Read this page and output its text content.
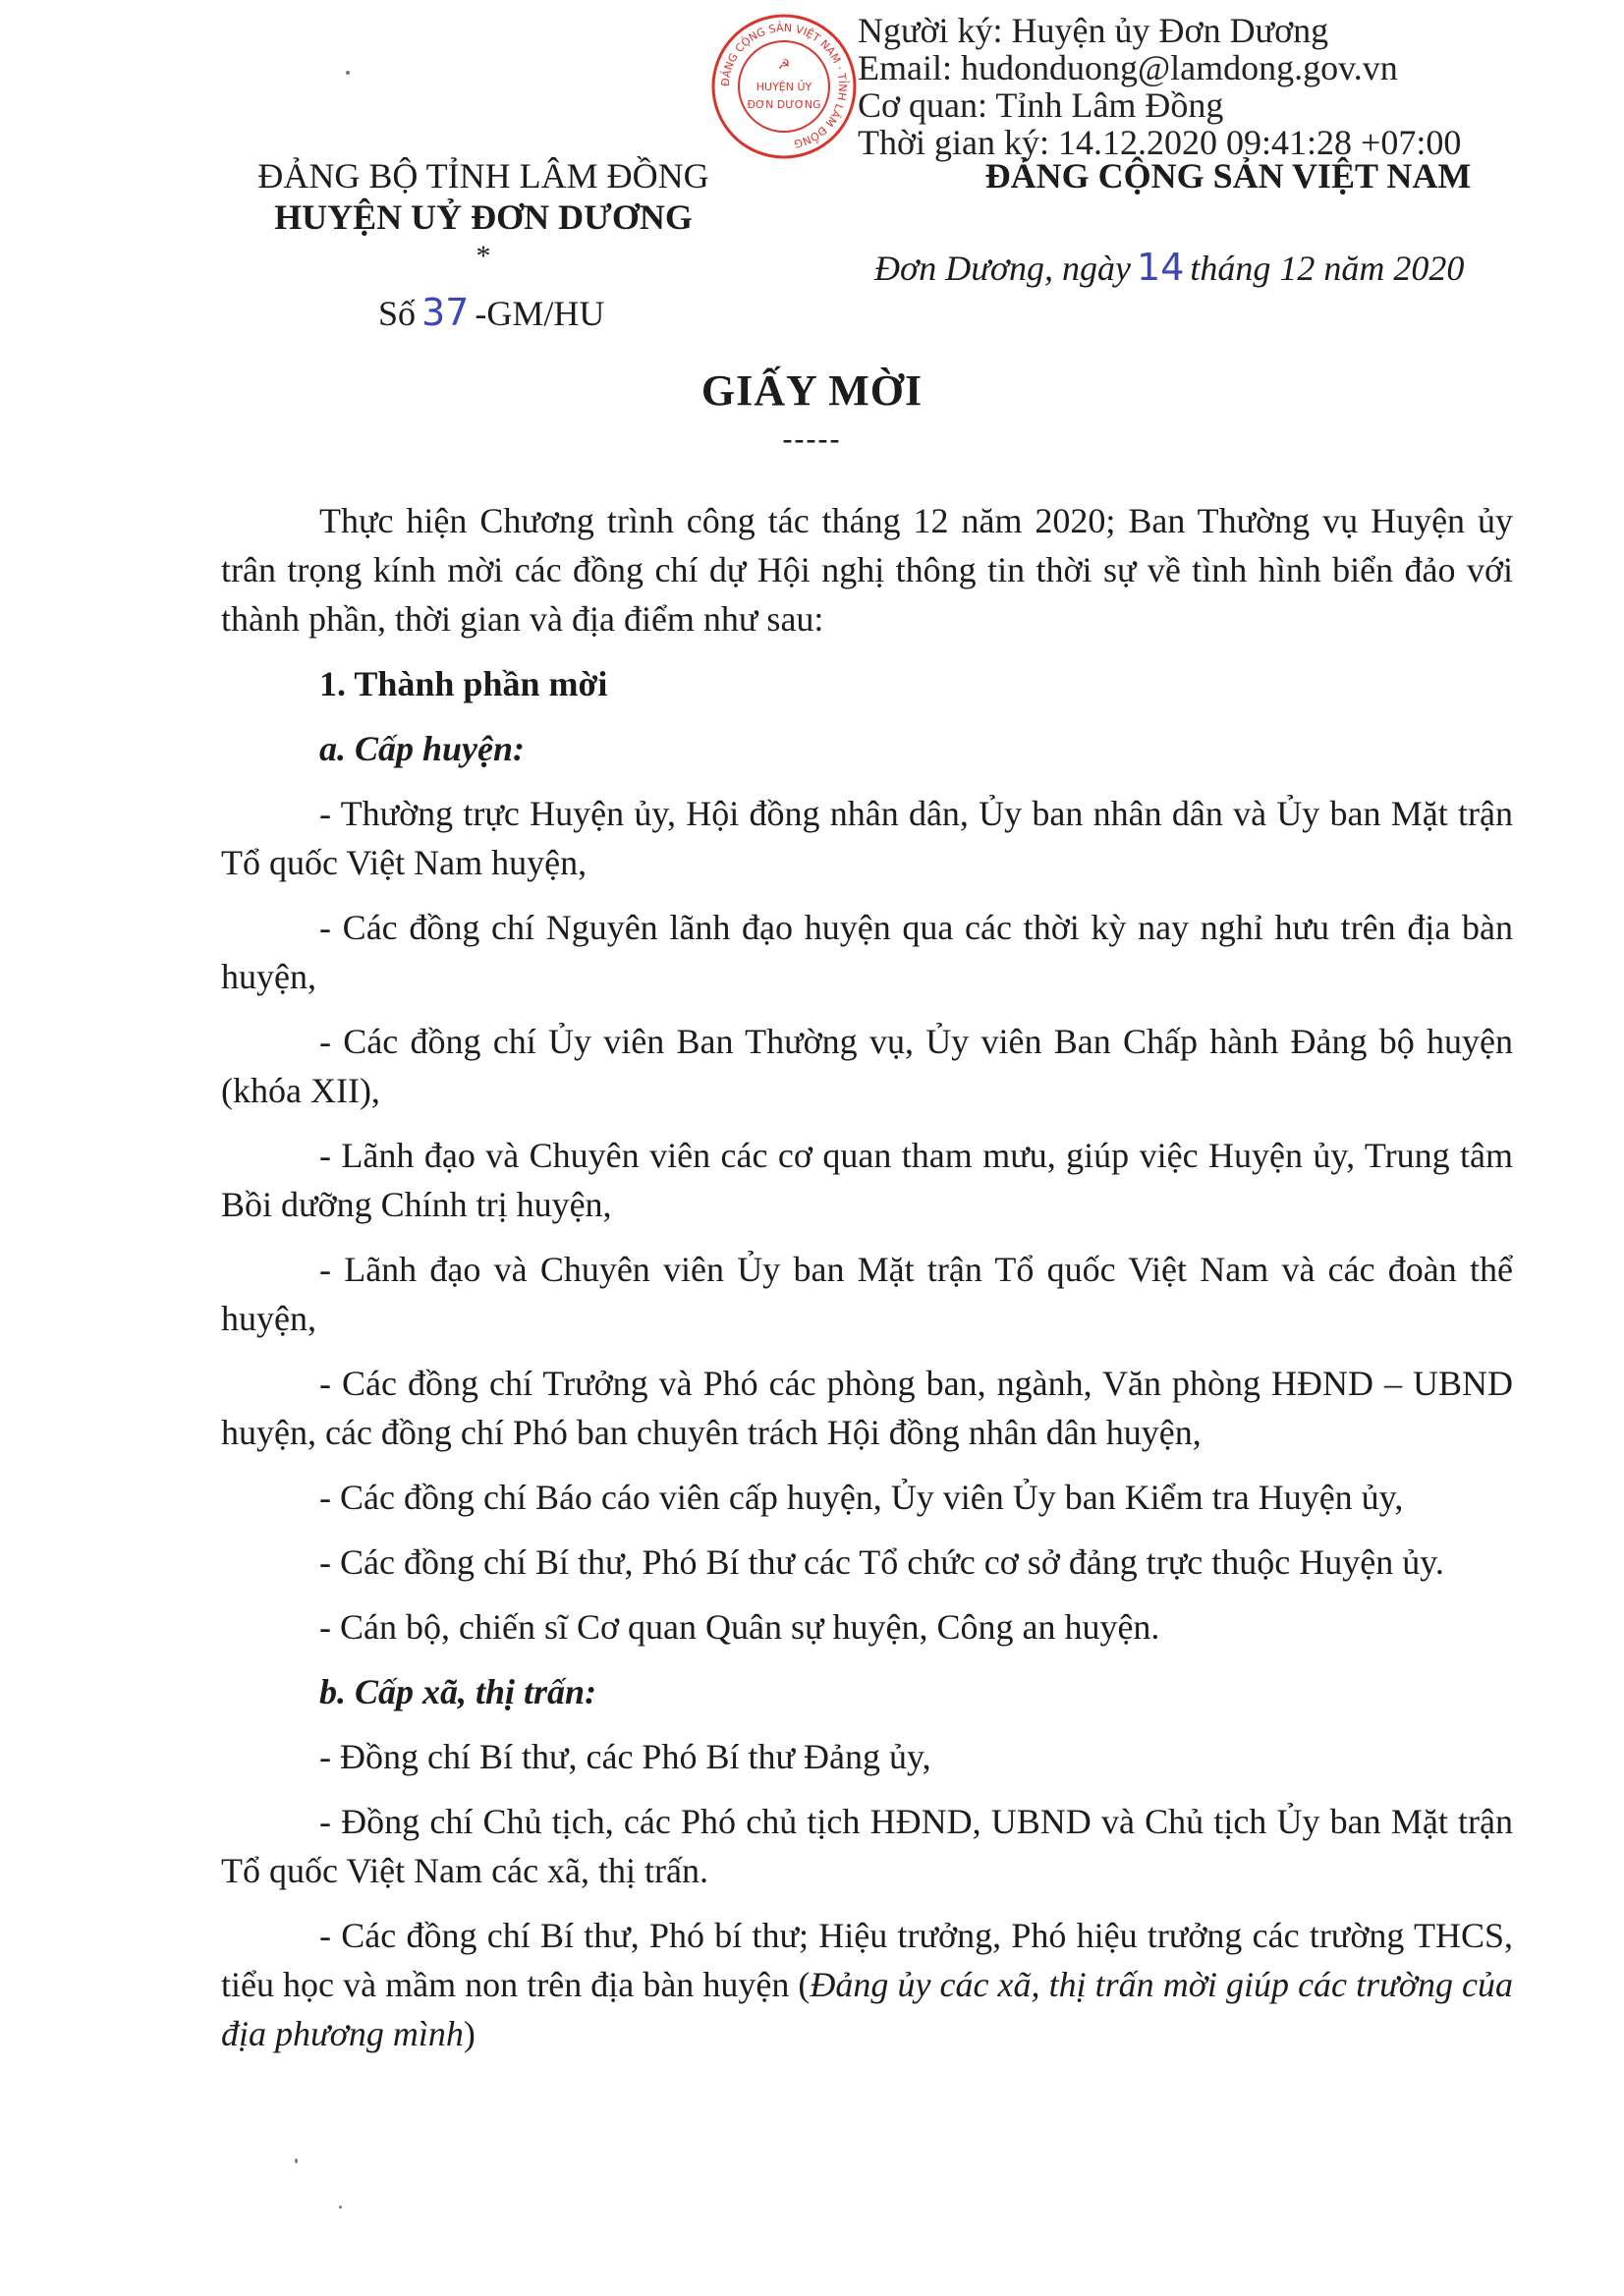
Người ký: Huyện ủy Đơn Dương
Email: hudonduong@lamdong.gov.vn
Cơ quan: Tỉnh Lâm Đồng
Thời gian ký: 14.12.2020 09:41:28 +07:00
ĐẢNG CỘNG SẢN VIỆT NAM · TỈNH LÂM ĐỒNG
☭
HUYỆN ỦY
ĐƠN DƯƠNG
ĐẢNG BỘ TỈNH LÂM ĐỒNG
HUYỆN UỶ ĐƠN DƯƠNG
*
Số 37 -GM/HU
ĐẢNG CỘNG SẢN VIỆT NAM
Đơn Dương, ngày 14 tháng 12 năm 2020
GIẤY MỜI
-----

Thực hiện Chương trình công tác tháng 12 năm 2020; Ban Thường vụ Huyện ủy trân trọng kính mời các đồng chí dự Hội nghị thông tin thời sự về tình hình biển đảo với thành phần, thời gian và địa điểm như sau:

1. Thành phần mời

a. Cấp huyện:

- Thường trực Huyện ủy, Hội đồng nhân dân, Ủy ban nhân dân và Ủy ban Mặt trận Tổ quốc Việt Nam huyện,

- Các đồng chí Nguyên lãnh đạo huyện qua các thời kỳ nay nghỉ hưu trên địa bàn huyện,

- Các đồng chí Ủy viên Ban Thường vụ, Ủy viên Ban Chấp hành Đảng bộ huyện (khóa XII),

- Lãnh đạo và Chuyên viên các cơ quan tham mưu, giúp việc Huyện ủy, Trung tâm Bồi dưỡng Chính trị huyện,

- Lãnh đạo và Chuyên viên Ủy ban Mặt trận Tổ quốc Việt Nam và các đoàn thể huyện,

- Các đồng chí Trưởng và Phó các phòng ban, ngành, Văn phòng HĐND – UBND huyện, các đồng chí Phó ban chuyên trách Hội đồng nhân dân huyện,

- Các đồng chí Báo cáo viên cấp huyện, Ủy viên Ủy ban Kiểm tra Huyện ủy,

- Các đồng chí Bí thư, Phó Bí thư các Tổ chức cơ sở đảng trực thuộc Huyện ủy.

- Cán bộ, chiến sĩ Cơ quan Quân sự huyện, Công an huyện.

b. Cấp xã, thị trấn:

- Đồng chí Bí thư, các Phó Bí thư Đảng ủy,

- Đồng chí Chủ tịch, các Phó chủ tịch HĐND, UBND và Chủ tịch Ủy ban Mặt trận Tổ quốc Việt Nam các xã, thị trấn.

- Các đồng chí Bí thư, Phó bí thư; Hiệu trưởng, Phó hiệu trưởng các trường THCS, tiểu học và mầm non trên địa bàn huyện (Đảng ủy các xã, thị trấn mời giúp các trường của địa phương mình)
